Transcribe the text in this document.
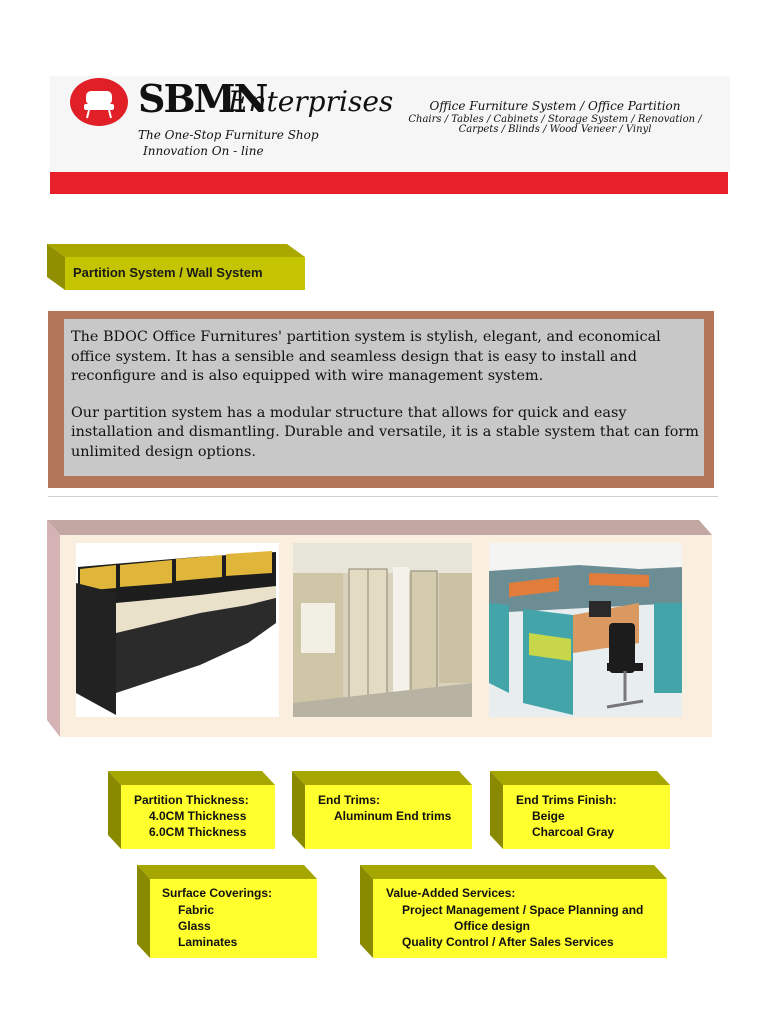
SBMN
Enterprises
The One-Stop Furniture Shop
Innovation On - line
Office Furniture System / Office Partition
Chairs / Tables / Cabinets / Storage System / Renovation /
Carpets / Blinds / Wood Veneer / Vinyl
Partition System / Wall System

The BDOC Office Furnitures' partition system is stylish, elegant, and economical office system. It has a sensible and seamless design that is easy to install and reconfigure and is also equipped with wire management system.

Our partition system has a modular structure that allows for quick and easy installation and dismantling. Durable and versatile, it is a stable system that can form unlimited design options.

Partition Thickness:
4.0CM Thickness
6.0CM Thickness
End Trims:
Aluminum End trims
End Trims Finish:
Beige
Charcoal Gray
Surface Coverings:
Fabric
Glass
Laminates
Value-Added Services:
Project Management / Space Planning and
Office design
Quality Control / After Sales Services
